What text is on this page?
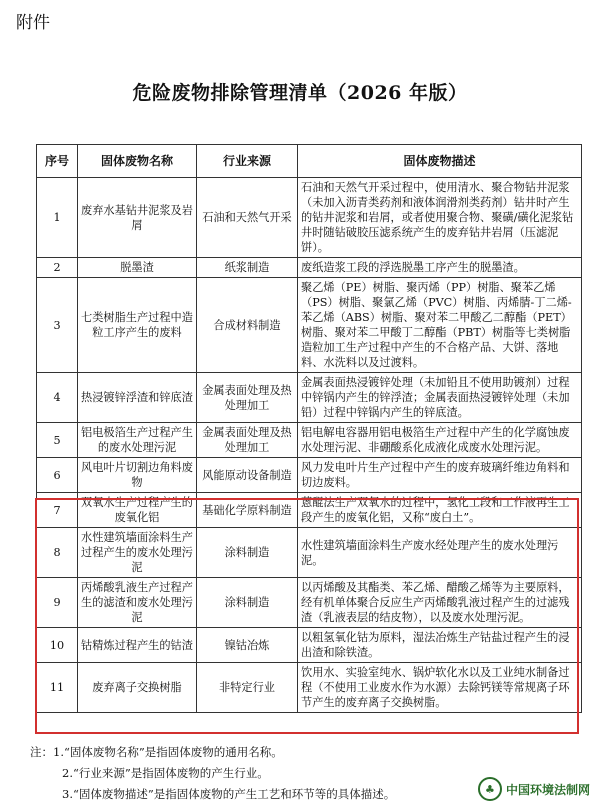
附件
危险废物排除管理清单（2026 年版）
序号	固体废物名称	行业来源	固体废物描述
1	废弃水基钻井泥浆及岩屑	石油和天然气开采	石油和天然气开采过程中，使用清水、聚合物钻井泥浆（未加入沥青类药剂和液体润滑剂类药剂）钻井时产生的钻井泥浆和岩屑，或者使用聚合物、聚磺/磺化泥浆钻井时随钻破胶压滤系统产生的废弃钻井岩屑（压滤泥饼）。
2	脱墨渣	纸浆制造	废纸造浆工段的浮选脱墨工序产生的脱墨渣。
3	七类树脂生产过程中造粒工序产生的废料	合成材料制造	聚乙烯（PE）树脂、聚丙烯（PP）树脂、聚苯乙烯（PS）树脂、聚氯乙烯（PVC）树脂、丙烯腈-丁二烯-苯乙烯（ABS）树脂、聚对苯二甲酸乙二醇酯（PET）树脂、聚对苯二甲酸丁二醇酯（PBT）树脂等七类树脂造粒加工生产过程中产生的不合格产品、大饼、落地料、水洗料以及过渡料。
4	热浸镀锌浮渣和锌底渣	金属表面处理及热处理加工	金属表面热浸镀锌处理（未加铅且不使用助镀剂）过程中锌锅内产生的锌浮渣；金属表面热浸镀锌处理（未加铅）过程中锌锅内产生的锌底渣。
5	铝电极箔生产过程产生的废水处理污泥	金属表面处理及热处理加工	铝电解电容器用铝电极箔生产过程中产生的化学腐蚀废水处理污泥、非硼酸系化成液化成废水处理污泥。
6	风电叶片切割边角料废物	风能原动设备制造	风力发电叶片生产过程中产生的废弃玻璃纤维边角料和切边废料。
7	双氧水生产过程产生的废氧化铝	基础化学原料制造	蒽醌法生产双氧水的过程中，氢化工段和工作液再生工段产生的废氧化铝，又称“废白土”。
8	水性建筑墙面涂料生产过程产生的废水处理污泥	涂料制造	水性建筑墙面涂料生产废水经处理产生的废水处理污泥。
9	丙烯酸乳液生产过程产生的滤渣和废水处理污泥	涂料制造	以丙烯酸及其酯类、苯乙烯、醋酸乙烯等为主要原料，经有机单体聚合反应生产丙烯酸乳液过程产生的过滤残渣（乳液表层的结皮物），以及废水处理污泥。
10	钴精炼过程产生的钴渣	镍钴冶炼	以粗氢氧化钴为原料，湿法冶炼生产钴盐过程产生的浸出渣和除铁渣。
11	废弃离子交换树脂	非特定行业	饮用水、实验室纯水、锅炉软化水以及工业纯水制备过程（不使用工业废水作为水源）去除钙镁等常规离子环节产生的废弃离子交换树脂。
注：1.“固体废物名称”是指固体废物的通用名称。
2.“行业来源”是指固体废物的产生行业。
3.“固体废物描述”是指固体废物的产生工艺和环节等的具体描述。	♣ 中国环境法制网
